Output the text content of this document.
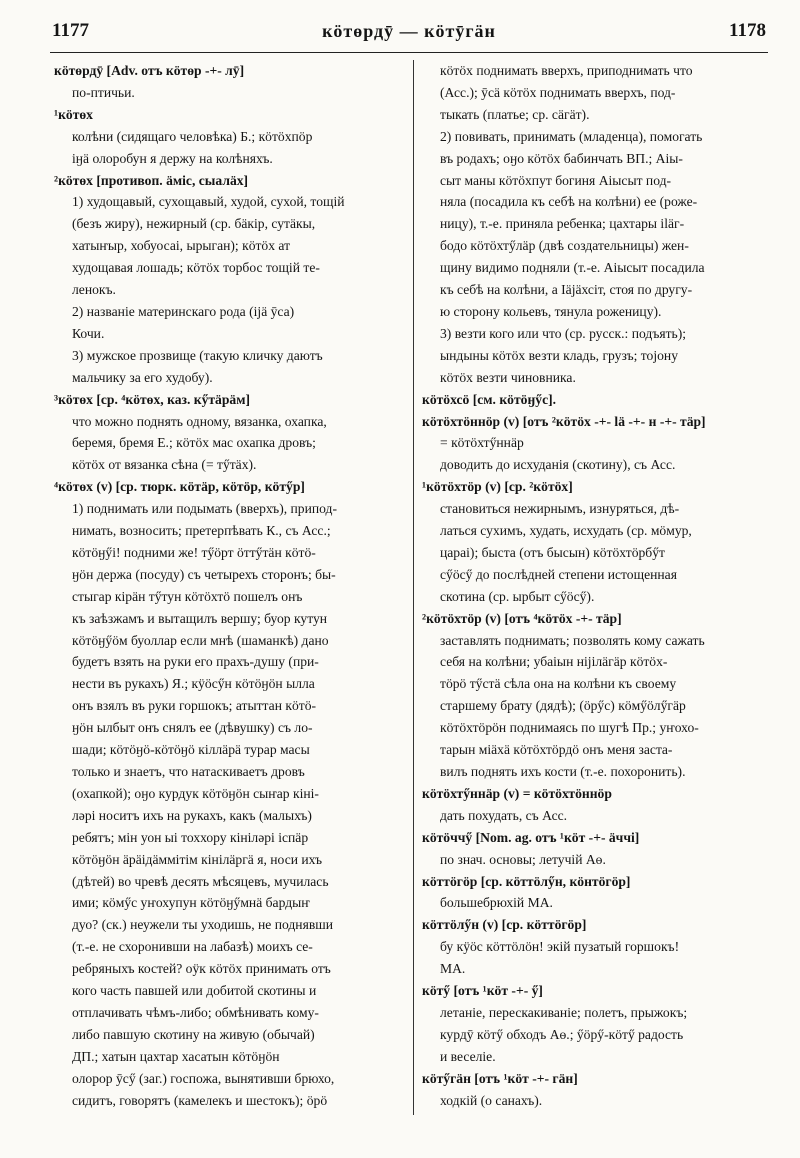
1177	кӧтөрдӯ — кӧтӯгӓн	1178
кӧтөрдӯ [Adv. отъ кӧтөр -+- лӯ]
по-птичьи.
¹кӧтөх
колѣни (сидящаго человѣка) Б.; кӧтӧхпӧр
іӈӓ олоробун я держу на колѣняхъ.
²кӧтөх [противоп. ӓміс, сыалӓх]
1) худощавый, сухощавый, худой, сухой, тощій
(безъ жиру), нежирный (ср. бӓкір, сутӓкы,
хатыҥыр, хобуосаі, ырыган); кӧтӧх ат
худощавая лошадь; кӧтӧх торбос тощій те-
ленокъ.
2) названіе материнскаго рода (іјӓ ӯса)
Кочи.
3) мужское прозвище (такую кличку даютъ
мальчику за его худобу).
³кӧтөх [ср. ⁴кӧтөх, каз. кӳтӓрӓм]
что можно поднять одному, вязанка, охапка,
беремя, бремя Е.; кӧтӧх мас охапка дровъ;
кӧтӧх от вязанка сѣна (= тӳтӓх).
⁴кӧтөх (v) [ср. тюрк. кӧтӓр, кӧтӧр, кӧтӳр]
1) поднимать или подымать (вверхъ), припод-
нимать, возносить; претерпѣвать К., съ Асс.;
кӧтӧӈӳі! подними же! тӳӧрт ӧттӳтӓн кӧтӧ-
ӈӧн держа (посуду) съ четырехъ сторонъ; бы-
стыгар кірӓн тӳтун кӧтӧхтӧ пошелъ онъ
къ заѣзжамъ и вытащилъ вершу; буор кутун
кӧтӧӈӳӧм буоллар если мнѣ (шаманкѣ) дано
будетъ взять на руки его прахъ-душу (при-
нести въ рукахъ) Я.; кӱӧсӳн кӧтӧӈӧн ылла
онъ взялъ въ руки горшокъ; атыттан кӧтӧ-
ӈӧн ылбыт онъ снялъ ее (дѣвушку) съ ло-
шади; кӧтӧӈӧ-кӧтӧӈӧ кіллӓрӓ турар масы
только и знаетъ, что натаскиваетъ дровъ
(охапкой); оӈо курдук кӧтӧӈӧн сыҥар кіні-
ләрі носитъ ихъ на рукахъ, какъ (малыхъ)
ребятъ; мін уон ыі тоххору кініләрі іспӓр
кӧтӧӈӧн ӓрӓідӓммітім кінілӓргӓ я, носи ихъ
(дѣтей) во чревѣ десять мѣсяцевъ, мучилась
ими; кӧмӳс уҥохупун кӧтӧӈӳмнӓ бардыҥ
дуо? (ск.) неужели ты уходишь, не поднявши
(т.-е. не схоронивши на лабазѣ) моихъ се-
ребряныхъ костей? оӱк кӧтӧх принимать отъ
кого часть павшей или добитой скотины и
отплачивать чѣмъ-либо; обмѣнивать кому-
либо павшую скотину на живую (обычай)
ДП.; хатын цахтар хасатын кӧтӧӈӧн
олорор ӯсӳ (заг.) госпожа, вынятивши брюхо,
сидитъ, говорятъ (камелекъ и шестокъ); ӧрӧ
кӧтӧх поднимать вверхъ, приподнимать что
(Асс.); ӯсӓ кӧтӧх поднимать вверхъ, под-
тыкать (платье; ср. сӓгӓт).
2) повивать, принимать (младенца), помогать
въ родахъ; оӈо кӧтӧх бабинчать ВП.; Аіы-
сыт маны кӧтӧхпут богиня Аіысыт под-
няла (посадила къ себѣ на колѣни) ее (роже-
ницу), т.-е. приняла ребенка; цахтары іläг-
бодо кӧтӧхтӳлӓр (двѣ создательницы) жен-
щину видимо подняли (т.-е. Аіысыт посадила
къ себѣ на колѣни, а Іӓјӓхсіт, стоя по другу-
ю сторону кольевъ, тянула роженицу).
3) везти кого или что (ср. русск.: подъять);
ындыны кӧтӧх везти кладь, грузъ; тојону
кӧтӧх везти чиновника.
кӧтӧхсӧ [см. кӧтӧӈӳс].
кӧтӧхтӧннӧр (v) [отъ ²кӧтӧх -+- lӓ -+- н -+- тӓр]
= кӧтӧхтӳннӓр
доводить до исхуданія (скотину), съ Асс.
¹кӧтӧхтӧр (v) [ср. ²кӧтӧх]
становиться нежирнымъ, изнуряться, дѣ-
латься сухимъ, худать, исхудать (ср. мӧмур,
цараі); быста (отъ бысын) кӧтӧхтӧрбӳт
сӳӧсӳ до послѣдней степени истощенная
скотина (ср. ырбыт сӳӧсӳ).
²кӧтӧхтӧр (v) [отъ ⁴кӧтӧх -+- тӓр]
заставлять поднимать; позволять кому сажать
себя на колѣни; убаіын ніјілӓгӓр кӧтӧх-
тӧрӧ тӳстӓ сѣла она на колѣни къ своему
старшему брату (дядѣ); (ӧрӳс) кӧмӳӧлӳгӓр
кӧтӧхтӧрӧн поднимаясь по шугѣ Пр.; уҥохо-
тарын міӓхӓ кӧтӧхтӧрдӧ онъ меня застa-
вилъ поднять ихъ кости (т.-е. похоронить).
кӧтӧхтӳннӓр (v) = кӧтӧхтӧннӧр
дать похудать, съ Асс.
кӧтӧччӳ [Nom. ag. отъ ¹кӧт -+- ӓччі]
по знач. основы; летучій Аѳ.
кӧттӧгӧр [ср. кӧттӧлӳн, кӧнтӧгӧр]
большебрюхій МА.
кӧттӧлӳн (v) [ср. кӧттӧгӧр]
бу кӱӧс кӧттӧлӧн! экій пузатый горшокъ!
МА.
кӧтӳ [отъ ¹кӧт -+- ӳ]
летаніе, перескакиваніе; полетъ, прыжокъ;
курдӯ кӧтӳ обходъ Аѳ.; ӳӧрӳ-кӧтӳ радость
и веселіе.
кӧтӳгӓн [отъ ¹кӧт -+- гӓн]
ходкій (о санахъ).
